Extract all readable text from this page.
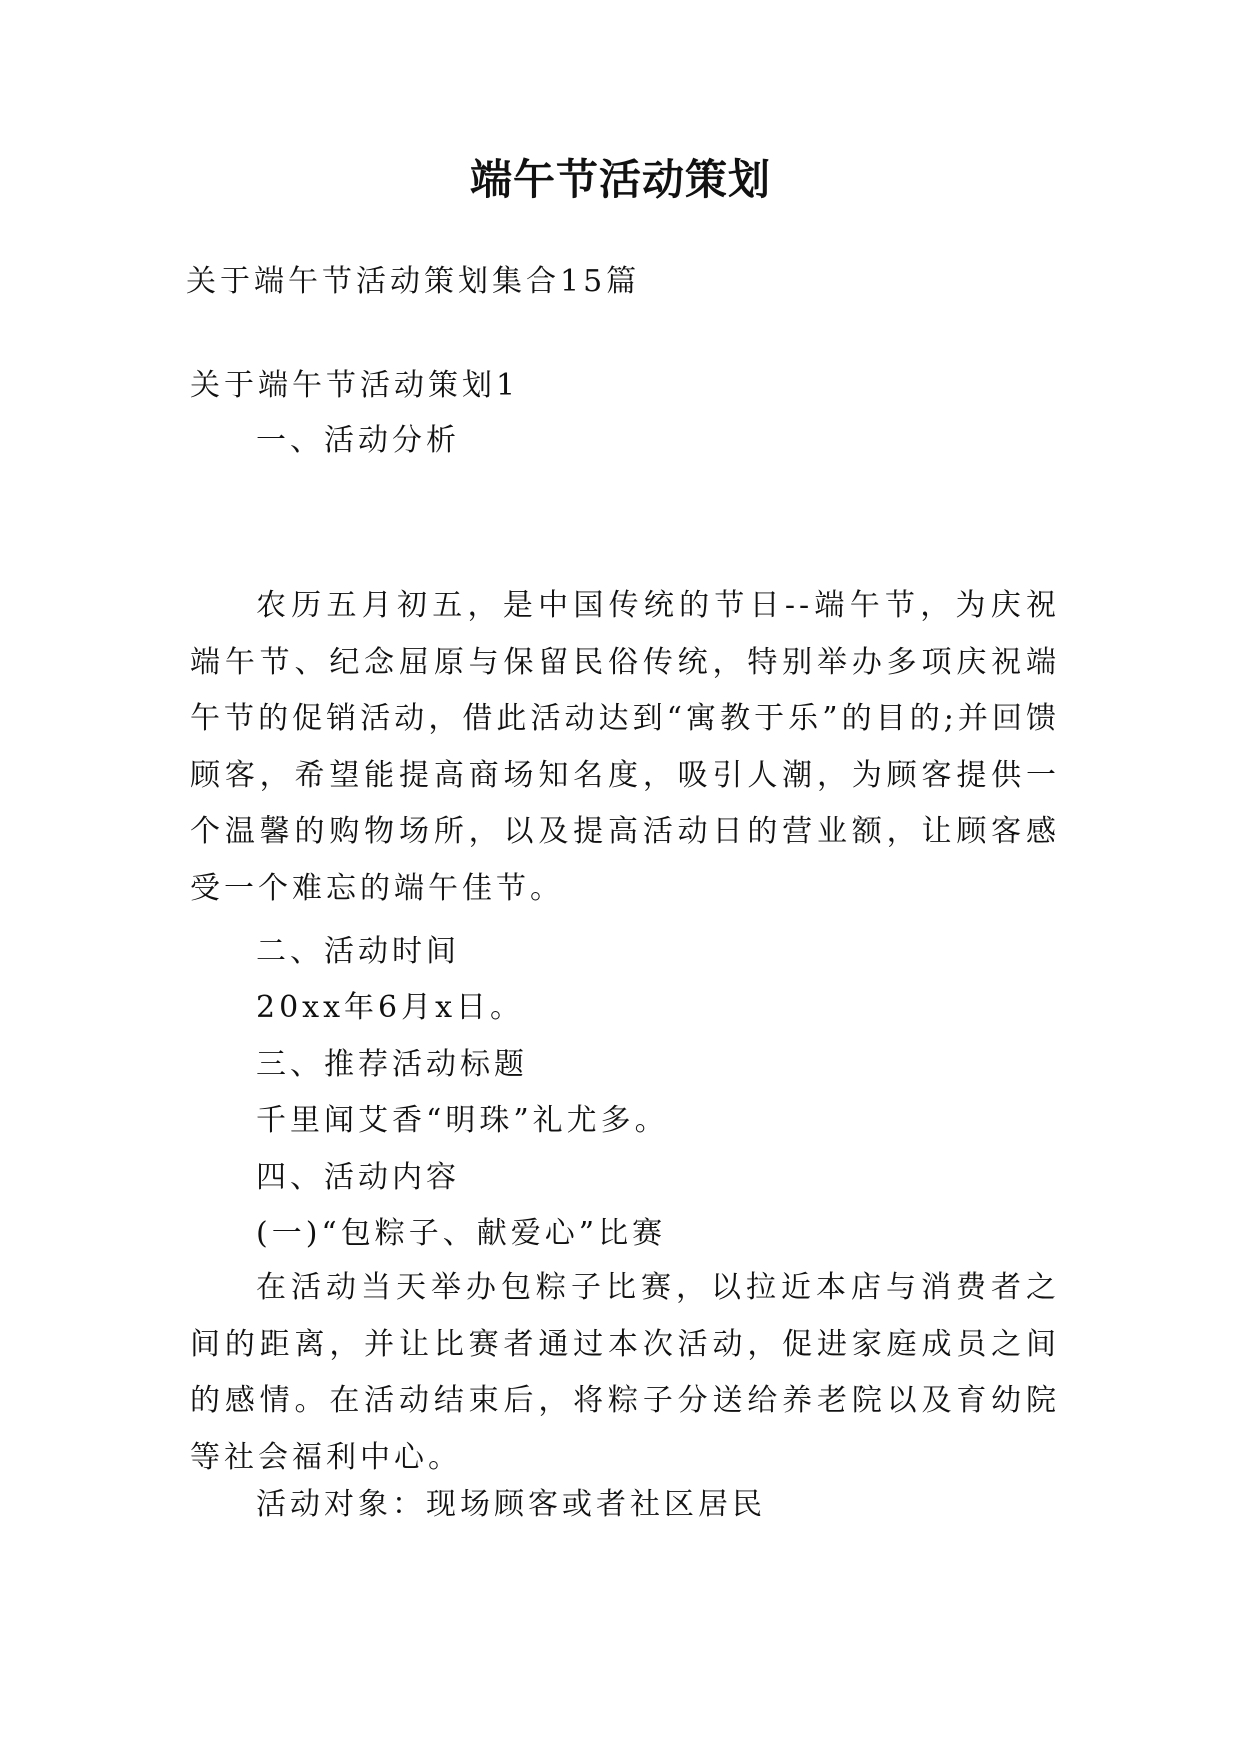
端午节活动策划

关于端午节活动策划集合15篇

关于端午节活动策划1

一、活动分析

农历五月初五，是中国传统的节日--端午节，为庆祝端午节、纪念屈原与保留民俗传统，特别举办多项庆祝端午节的促销活动，借此活动达到“寓教于乐”的目的;并回馈顾客，希望能提高商场知名度，吸引人潮，为顾客提供一个温馨的购物场所，以及提高活动日的营业额，让顾客感受一个难忘的端午佳节。

二、活动时间

20xx年6月x日。

三、推荐活动标题

千里闻艾香“明珠”礼尤多。

四、活动内容

(一)“包粽子、献爱心”比赛

在活动当天举办包粽子比赛，以拉近本店与消费者之间的距离，并让比赛者通过本次活动，促进家庭成员之间的感情。在活动结束后，将粽子分送给养老院以及育幼院等社会福利中心。

活动对象：现场顾客或者社区居民
